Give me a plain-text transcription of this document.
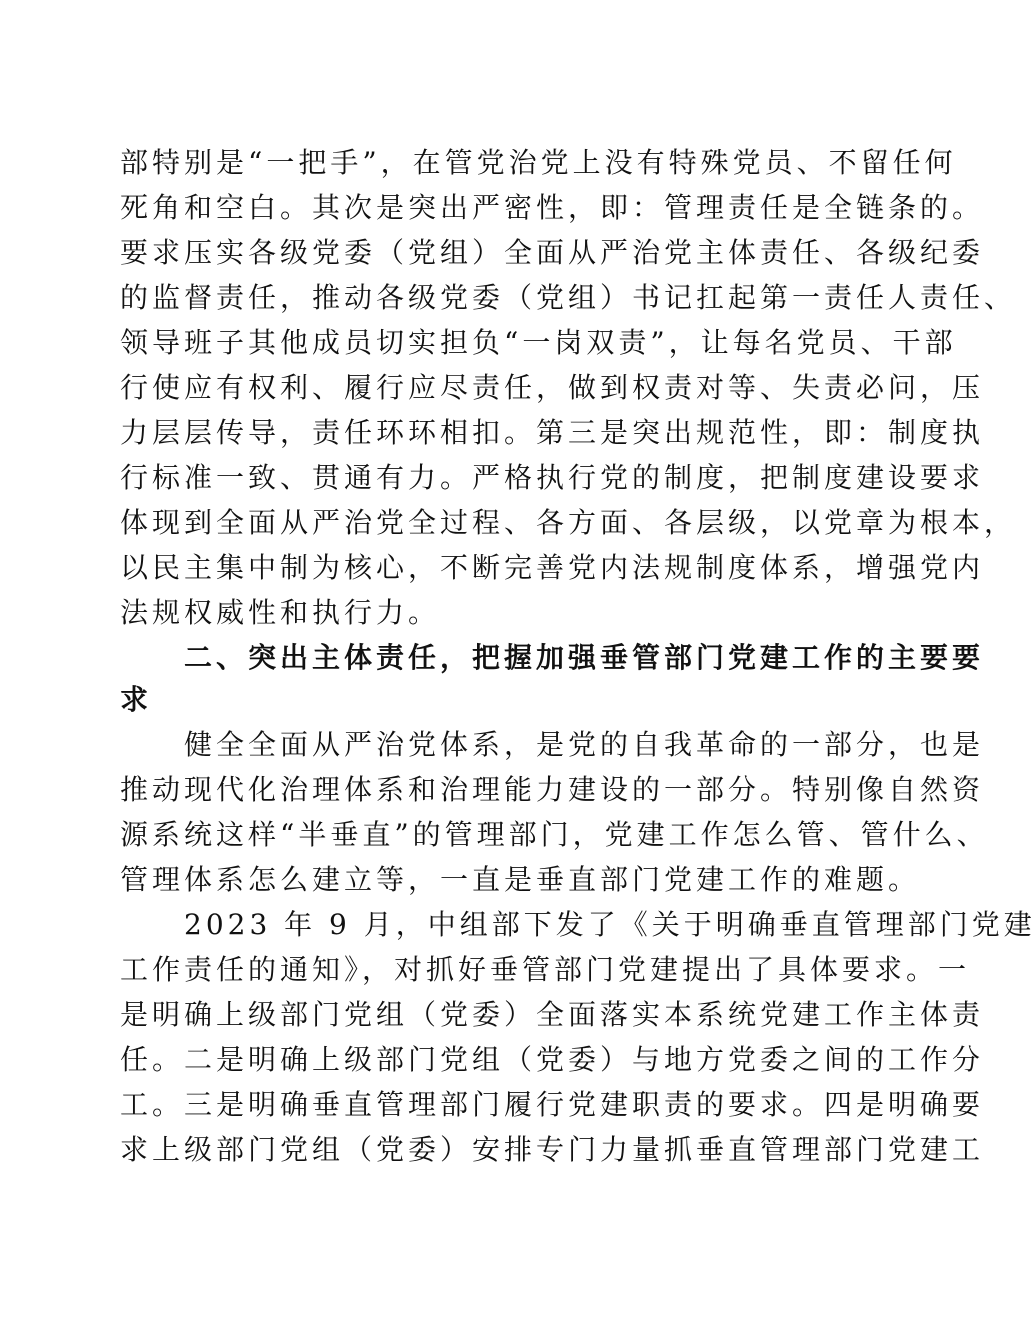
部特别是“一把手”，在管党治党上没有特殊党员、不留任何
死角和空白。其次是突出严密性，即：管理责任是全链条的。
要求压实各级党委（党组）全面从严治党主体责任、各级纪委
的监督责任，推动各级党委（党组）书记扛起第一责任人责任、
领导班子其他成员切实担负“一岗双责”，让每名党员、干部
行使应有权利、履行应尽责任，做到权责对等、失责必问，压
力层层传导，责任环环相扣。第三是突出规范性，即：制度执
行标准一致、贯通有力。严格执行党的制度，把制度建设要求
体现到全面从严治党全过程、各方面、各层级，以党章为根本，
以民主集中制为核心，不断完善党内法规制度体系，增强党内
法规权威性和执行力。
二、突出主体责任，把握加强垂管部门党建工作的主要要
求
健全全面从严治党体系，是党的自我革命的一部分，也是
推动现代化治理体系和治理能力建设的一部分。特别像自然资
源系统这样“半垂直”的管理部门，党建工作怎么管、管什么、
管理体系怎么建立等，一直是垂直部门党建工作的难题。
2023 年 9 月，中组部下发了《关于明确垂直管理部门党建
工作责任的通知》，对抓好垂管部门党建提出了具体要求。一
是明确上级部门党组（党委）全面落实本系统党建工作主体责
任。二是明确上级部门党组（党委）与地方党委之间的工作分
工。三是明确垂直管理部门履行党建职责的要求。四是明确要
求上级部门党组（党委）安排专门力量抓垂直管理部门党建工
